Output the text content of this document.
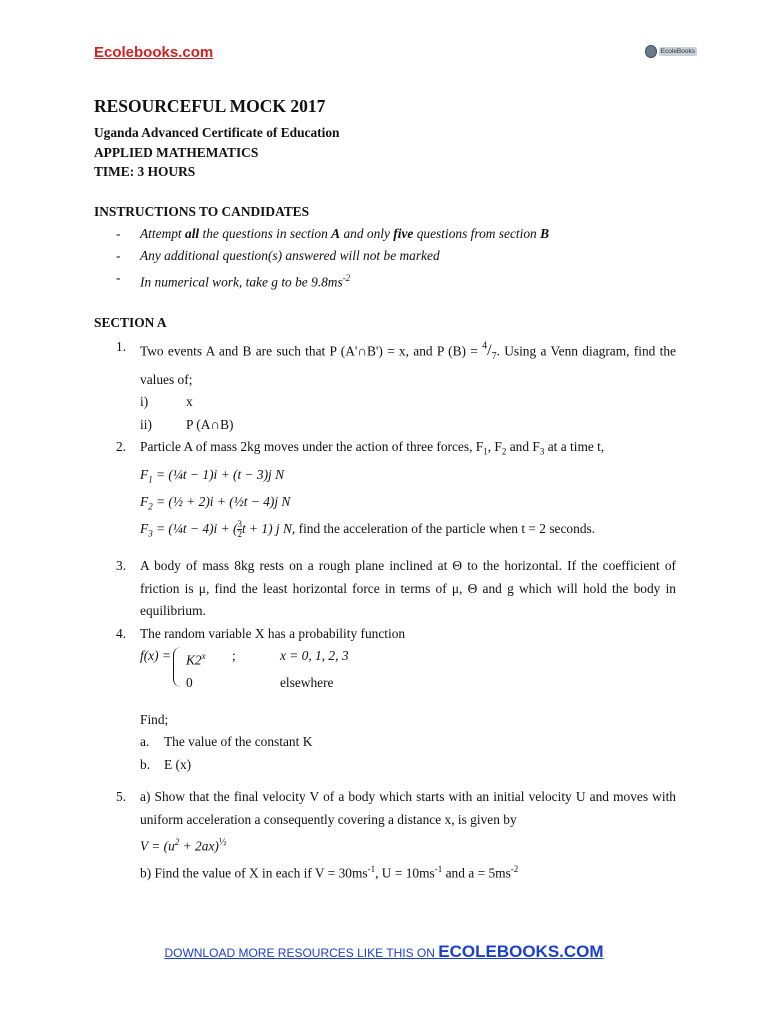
Ecolebooks.com	EcoleBooks
RESOURCEFUL MOCK 2017
Uganda Advanced Certificate of Education
APPLIED MATHEMATICS
TIME: 3 HOURS
INSTRUCTIONS TO CANDIDATES
- Attempt all the questions in section A and only five questions from section B
- Any additional question(s) answered will not be marked
- In numerical work, take g to be $9.8ms^{-2}$
SECTION A
1. Two events A and B are such that P (A'∩B') = x, and P $(B) = ^4/_7$. Using a Venn diagram, find the values of;
i)	x
ii)	P (A∩B)
2. Particle A of mass 2kg moves under the action of three forces, $F_1$, $F_2$ and $F_3$ at a time t,
$F_1$ = (¼t − 1)i + (t − 3)j N
$F_2$ = (½ + 2)i + (½t − 4)j N
$F_3$ = (¼t − 4)i + ( $\frac{3}{2}$ t + 1) j N, find the acceleration of the particle when t = 2 seconds.
3. A body of mass 8kg rests on a rough plane inclined at Θ to the horizontal. If the coefficient of friction is μ, find the least horizontal force in terms of μ, Θ and g which will hold the body in equilibrium.
4. The random variable X has a probability function
$f(x) = K2^x$	;	x = 0, 1, 2, 3
0	elsewhere
Find;
a.	The value of the constant K
b.	E (x)
5. a) Show that the final velocity V of a body which starts with an initial velocity U and moves with uniform acceleration a consequently covering a distance x, is given by
$V = (u^2 + 2ax)^{\frac{1}{2}}$
b) Find the value of X in each if $V = 30ms^{-1}$, $U = 10ms^{-1}$ and $a = 5ms^{-2}$
DOWNLOAD MORE RESOURCES LIKE THIS ON ECOLEBOOKS.COM
